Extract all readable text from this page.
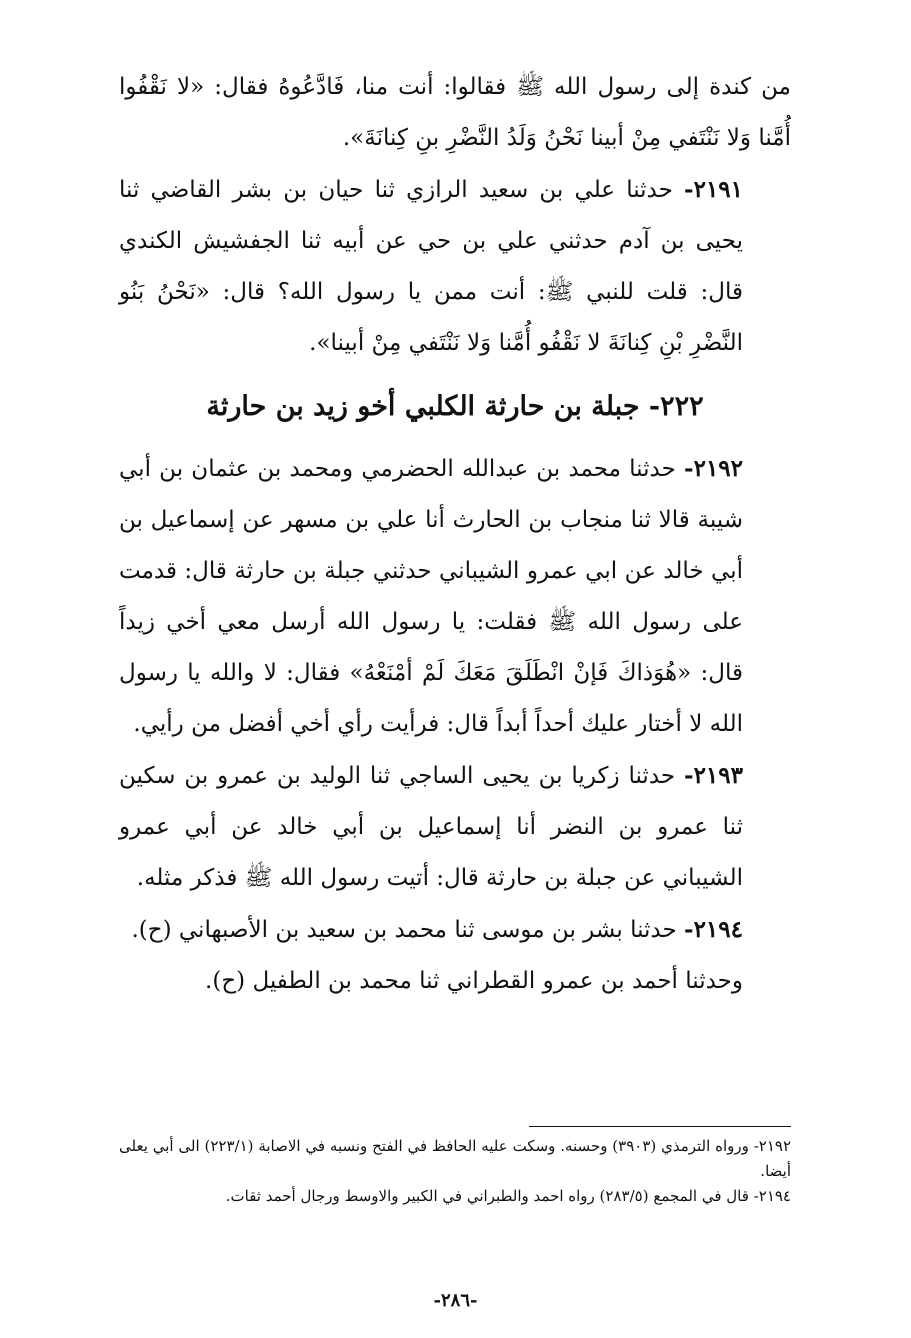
من كندة إلى رسول الله ﷺ فقالوا: أنت منا، فَادَّعُوهُ فقال: «لا نَقْفُوا أُمَّنا وَلا نَنْتَفي مِنْ أبينا نَحْنُ وَلَدُ النَّضْرِ بنِ كِنانَةَ».

٢١٩١- حدثنا علي بن سعيد الرازي ثنا حيان بن بشر القاضي ثنا يحيى بن آدم حدثني علي بن حي عن أبيه ثنا الجفشيش الكندي قال: قلت للنبي ﷺ: أنت ممن يا رسول الله؟ قال: «نَحْنُ بَنُو النَّضْرِ بْنِ كِنانَةَ لا نَقْفُو أُمَّنا وَلا نَنْتَفي مِنْ أبينا».

٢٢٢- جبلة بن حارثة الكلبي أخو زيد بن حارثة

٢١٩٢- حدثنا محمد بن عبدالله الحضرمي ومحمد بن عثمان بن أبي شيبة قالا ثنا منجاب بن الحارث أنا علي بن مسهر عن إسماعيل بن أبي خالد عن ابي عمرو الشيباني حدثني جبلة بن حارثة قال: قدمت على رسول الله ﷺ فقلت: يا رسول الله أرسل معي أخي زيداً قال: «هُوَذاكَ فَإنْ انْطَلَقَ مَعَكَ لَمْ أمْنَعْهُ» فقال: لا والله يا رسول الله لا أختار عليك أحداً أبداً قال: فرأيت رأي أخي أفضل من رأيي.

٢١٩٣- حدثنا زكريا بن يحيى الساجي ثنا الوليد بن عمرو بن سكين ثنا عمرو بن النضر أنا إسماعيل بن أبي خالد عن أبي عمرو الشيباني عن جبلة بن حارثة قال: أتيت رسول الله ﷺ فذكر مثله.

٢١٩٤- حدثنا بشر بن موسى ثنا محمد بن سعيد بن الأصبهاني (ح).

وحدثنا أحمد بن عمرو القطراني ثنا محمد بن الطفيل (ح).

٢١٩٢- ورواه الترمذي (٣٩٠٣) وحسنه. وسكت عليه الحافظ في الفتح ونسبه في الاصابة (٢٢٣/١) الى أبي يعلى أيضا.

٢١٩٤- قال في المجمع (٢٨٣/٥) رواه احمد والطبراني في الكبير والاوسط ورجال أحمد ثقات.

-٢٨٦-
